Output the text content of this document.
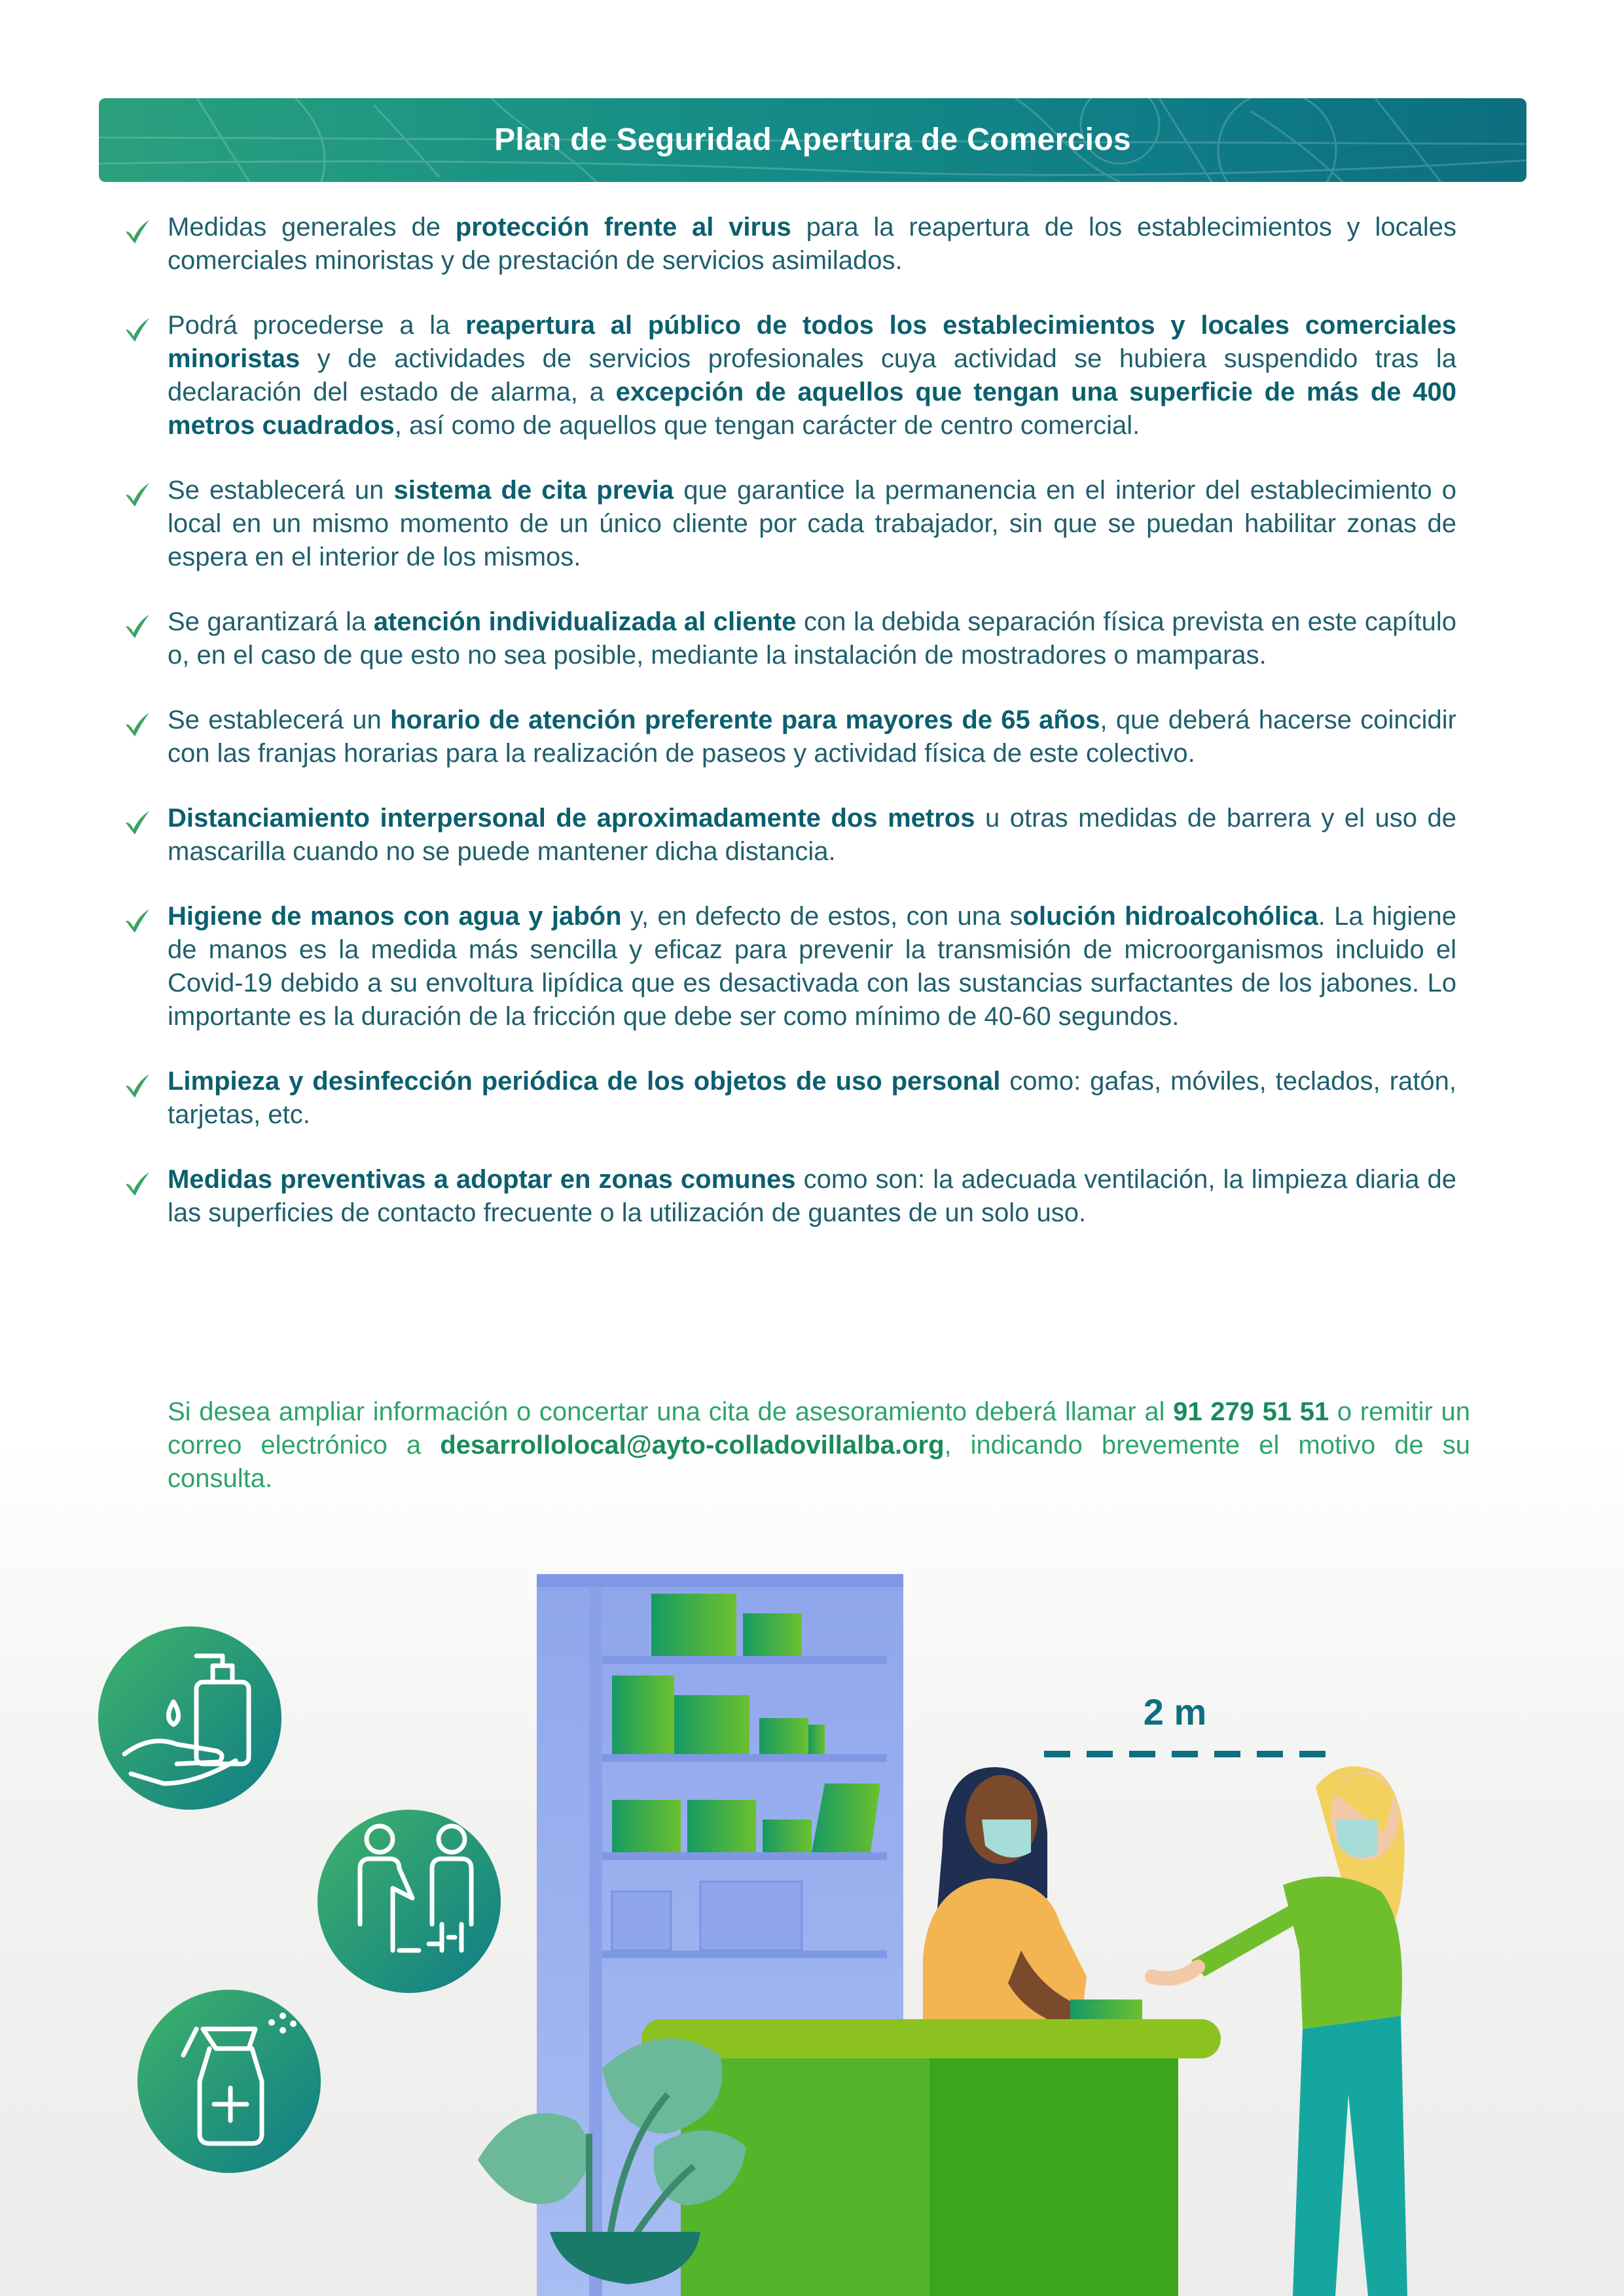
Plan de Seguridad Apertura de Comercios
Medidas generales de protección frente al virus para la reapertura de los establecimientos y locales comerciales minoristas y de prestación de servicios asimilados.
Podrá procederse a la reapertura al público de todos los establecimientos y locales comerciales minoristas y de actividades de servicios profesionales cuya actividad se hubiera suspendido tras la declaración del estado de alarma, a excepción de aquellos que tengan una superficie de más de 400 metros cuadrados, así como de aquellos que tengan carácter de centro comercial.
Se establecerá un sistema de cita previa que garantice la permanencia en el interior del establecimiento o local en un mismo momento de un único cliente por cada trabajador, sin que se puedan habilitar zonas de espera en el interior de los mismos.
Se garantizará la atención individualizada al cliente con la debida separación física prevista en este capítulo o, en el caso de que esto no sea posible, mediante la instalación de mostradores o mamparas.
Se establecerá un horario de atención preferente para mayores de 65 años, que deberá hacerse coincidir con las franjas horarias para la realización de paseos y actividad física de este colectivo.
Distanciamiento interpersonal de aproximadamente dos metros u otras medidas de barrera y el uso de mascarilla cuando no se puede mantener dicha distancia.
Higiene de manos con agua y jabón y, en defecto de estos, con una solución hidroalcohólica. La higiene de manos es la medida más sencilla y eficaz para prevenir la transmisión de microorganismos incluido el Covid-19 debido a su envoltura lipídica que es desactivada con las sustancias surfactantes de los jabones. Lo importante es la duración de la fricción que debe ser como mínimo de 40-60 segundos.
Limpieza y desinfección periódica de los objetos de uso personal como: gafas, móviles, teclados, ratón, tarjetas, etc.
Medidas preventivas a adoptar en zonas comunes como son: la adecuada ventilación, la limpieza diaria de las superficies de contacto frecuente o la utilización de guantes de un solo uso.
Si desea ampliar información o concertar una cita de asesoramiento deberá llamar al 91 279 51 51 o remitir un correo electrónico a desarrollolocal@ayto-colladovillalba.org, indicando brevemente el motivo de su consulta.
2 m
